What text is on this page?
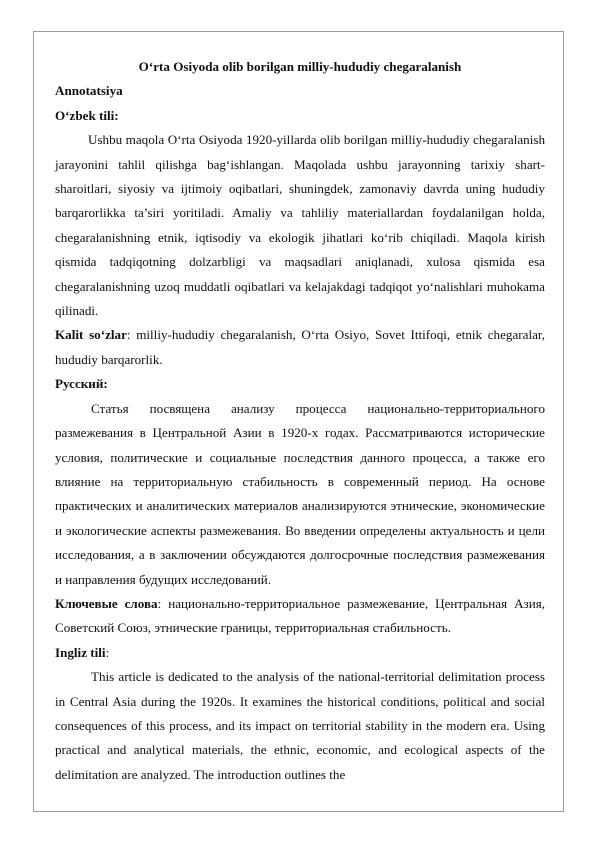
O‘rta Osiyoda olib borilgan milliy-hududiy chegaralanish

Annotatsiya

O‘zbek tili:

Ushbu maqola O‘rta Osiyoda 1920-yillarda olib borilgan milliy-hududiy chegaralanish jarayonini tahlil qilishga bag‘ishlangan. Maqolada ushbu jarayonning tarixiy shart-sharoitlari, siyosiy va ijtimoiy oqibatlari, shuningdek, zamonaviy davrda uning hududiy barqarorlikka ta’siri yoritiladi. Amaliy va tahliliy materiallardan foydalanilgan holda, chegaralanishning etnik, iqtisodiy va ekologik jihatlari ko‘rib chiqiladi. Maqola kirish qismida tadqiqotning dolzarbligi va maqsadlari aniqlanadi, xulosa qismida esa chegaralanishning uzoq muddatli oqibatlari va kelajakdagi tadqiqot yo‘nalishlari muhokama qilinadi.

Kalit so‘zlar: milliy-hududiy chegaralanish, O‘rta Osiyo, Sovet Ittifoqi, etnik chegaralar, hududiy barqarorlik.

Русский:

Статья посвящена анализу процесса национально-территориального размежевания в Центральной Азии в 1920-х годах. Рассматриваются исторические условия, политические и социальные последствия данного процесса, а также его влияние на территориальную стабильность в современный период. На основе практических и аналитических материалов анализируются этнические, экономические и экологические аспекты размежевания. Во введении определены актуальность и цели исследования, а в заключении обсуждаются долгосрочные последствия размежевания и направления будущих исследований.

Ключевые слова: национально-территориальное размежевание, Центральная Азия, Советский Союз, этнические границы, территориальная стабильность.

Ingliz tili:

This article is dedicated to the analysis of the national-territorial delimitation process in Central Asia during the 1920s. It examines the historical conditions, political and social consequences of this process, and its impact on territorial stability in the modern era. Using practical and analytical materials, the ethnic, economic, and ecological aspects of the delimitation are analyzed. The introduction outlines the
